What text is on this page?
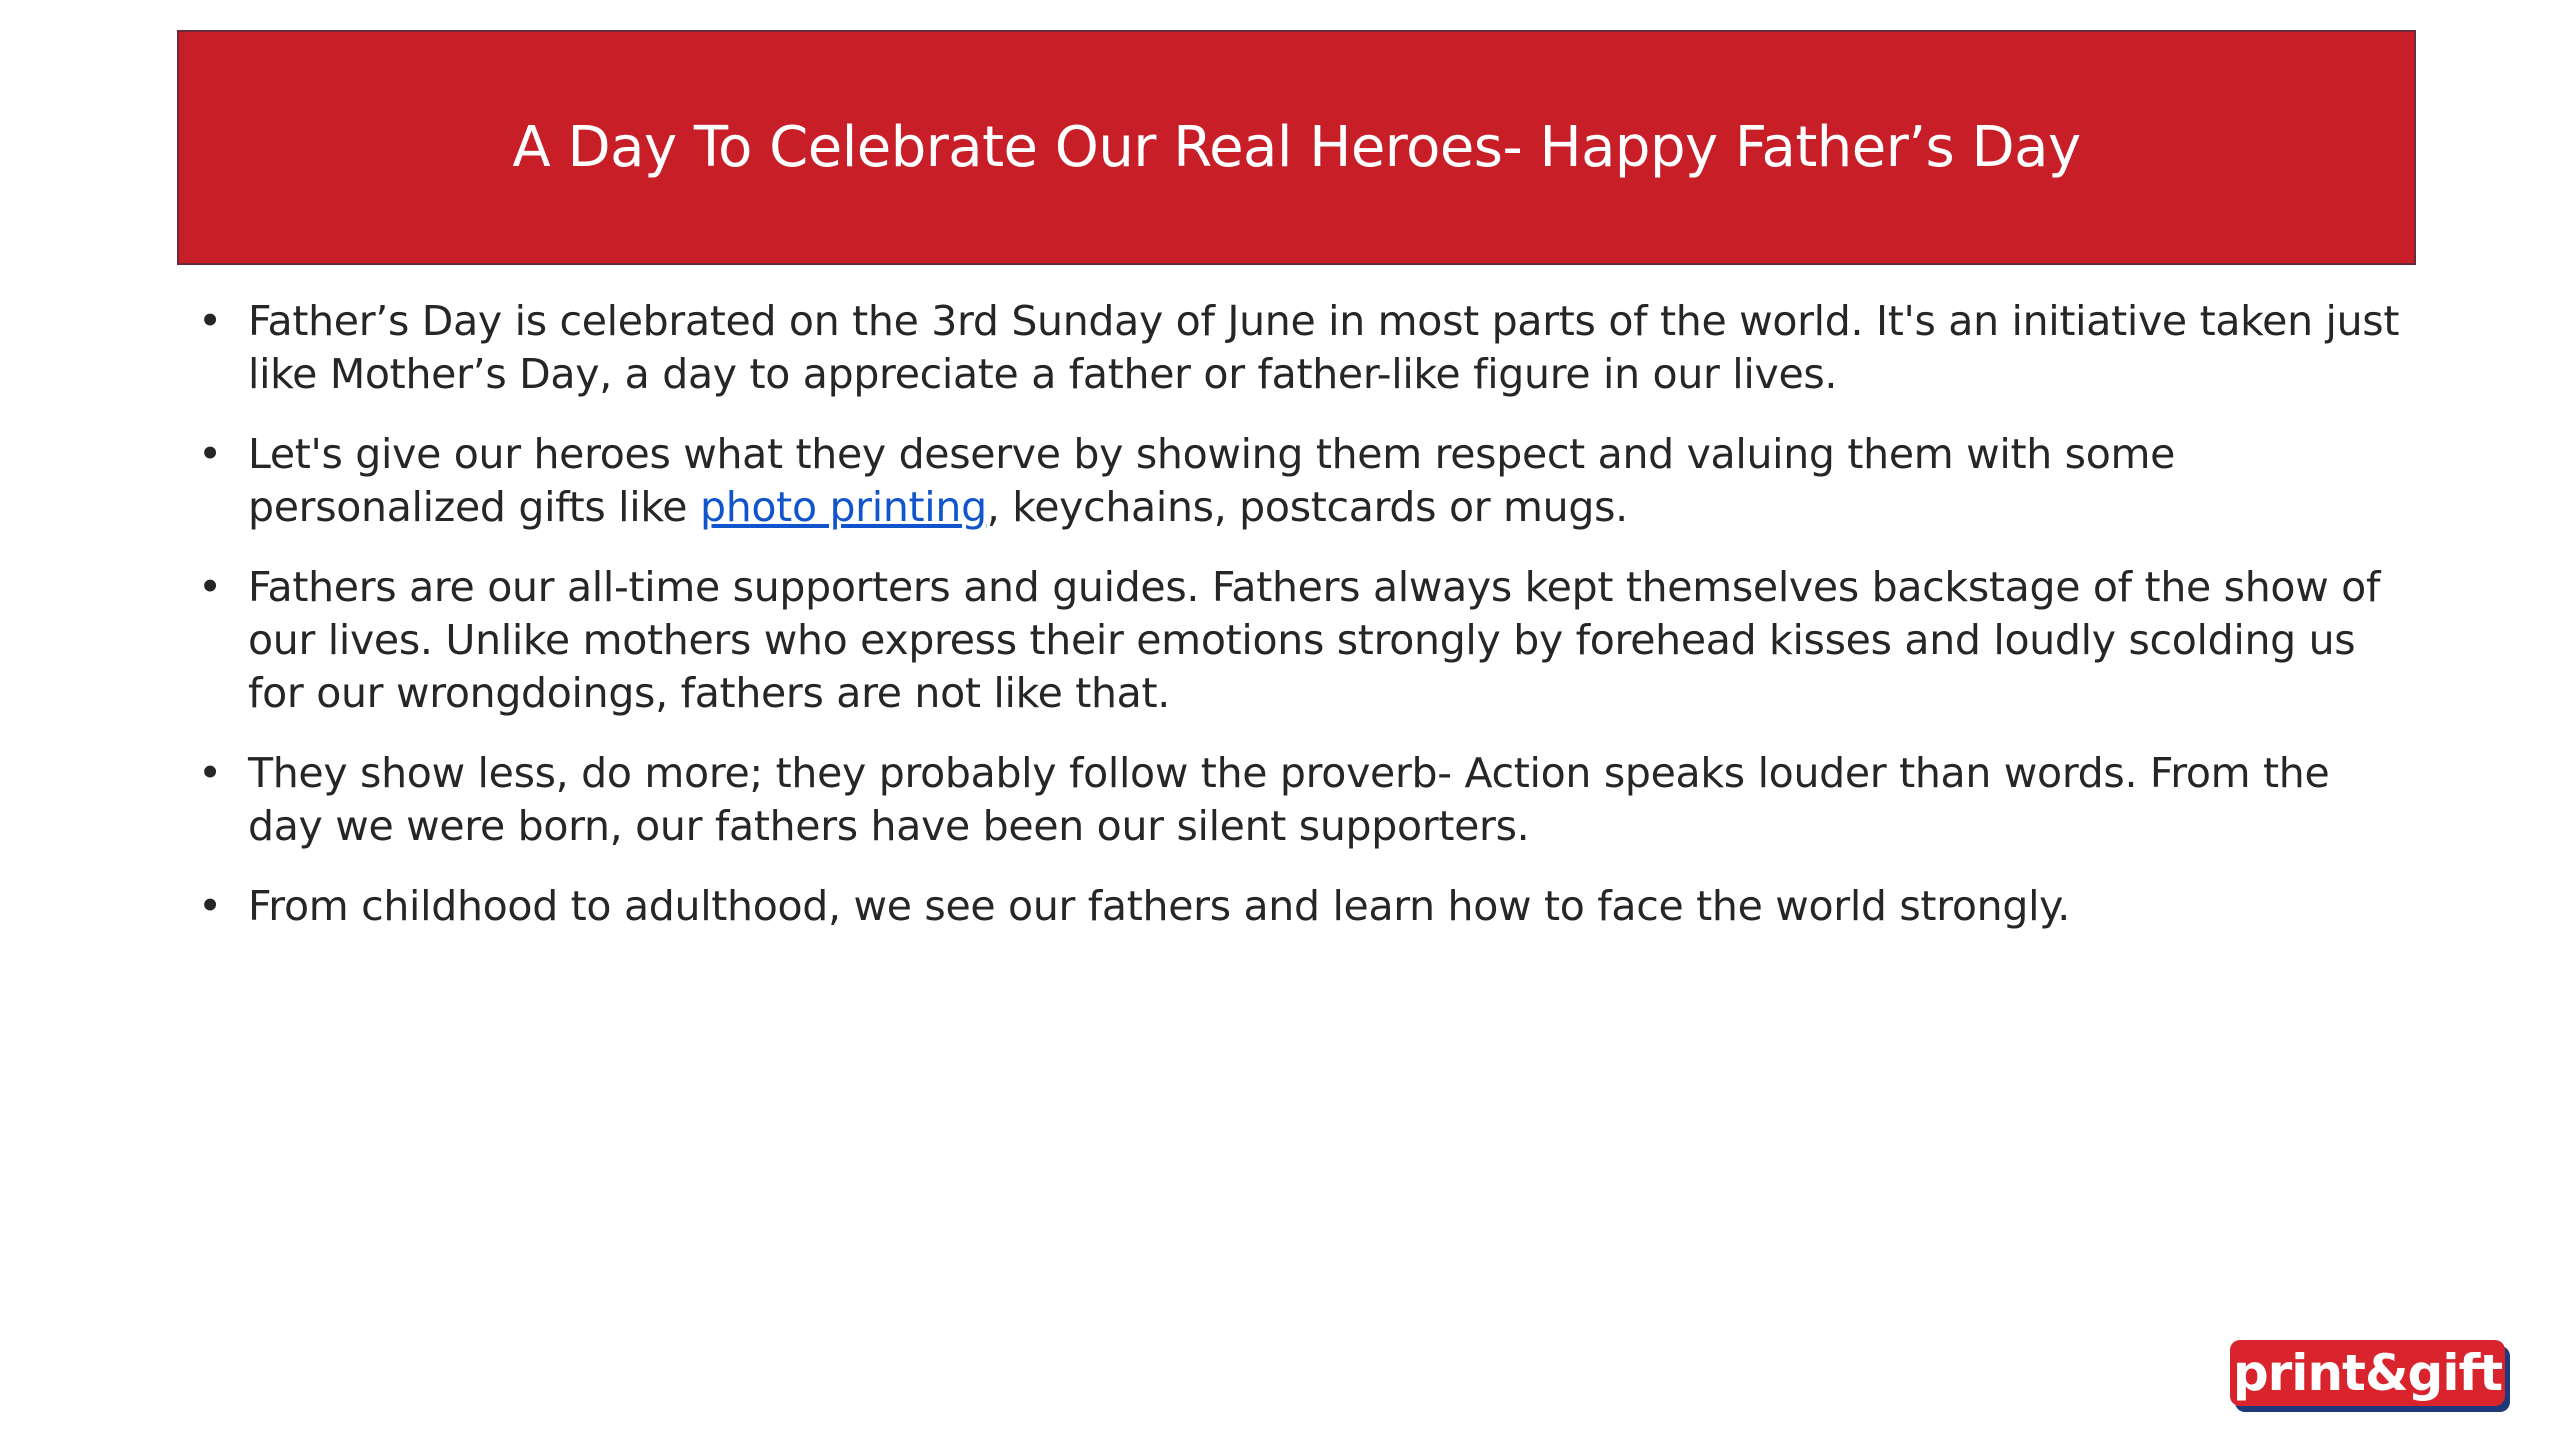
A Day To Celebrate Our Real Heroes- Happy Father’s Day
• Father’s Day is celebrated on the 3rd Sunday of June in most parts of the world. It's an initiative taken just like Mother’s Day, a day to appreciate a father or father-like figure in our lives.
• Let's give our heroes what they deserve by showing them respect and valuing them with some personalized gifts like photo printing, keychains, postcards or mugs.
• Fathers are our all-time supporters and guides. Fathers always kept themselves backstage of the show of our lives. Unlike mothers who express their emotions strongly by forehead kisses and loudly scolding us for our wrongdoings, fathers are not like that.
• They show less, do more; they probably follow the proverb- Action speaks louder than words. From the day we were born, our fathers have been our silent supporters.
• From childhood to adulthood, we see our fathers and learn how to face the world strongly.
print&gift
